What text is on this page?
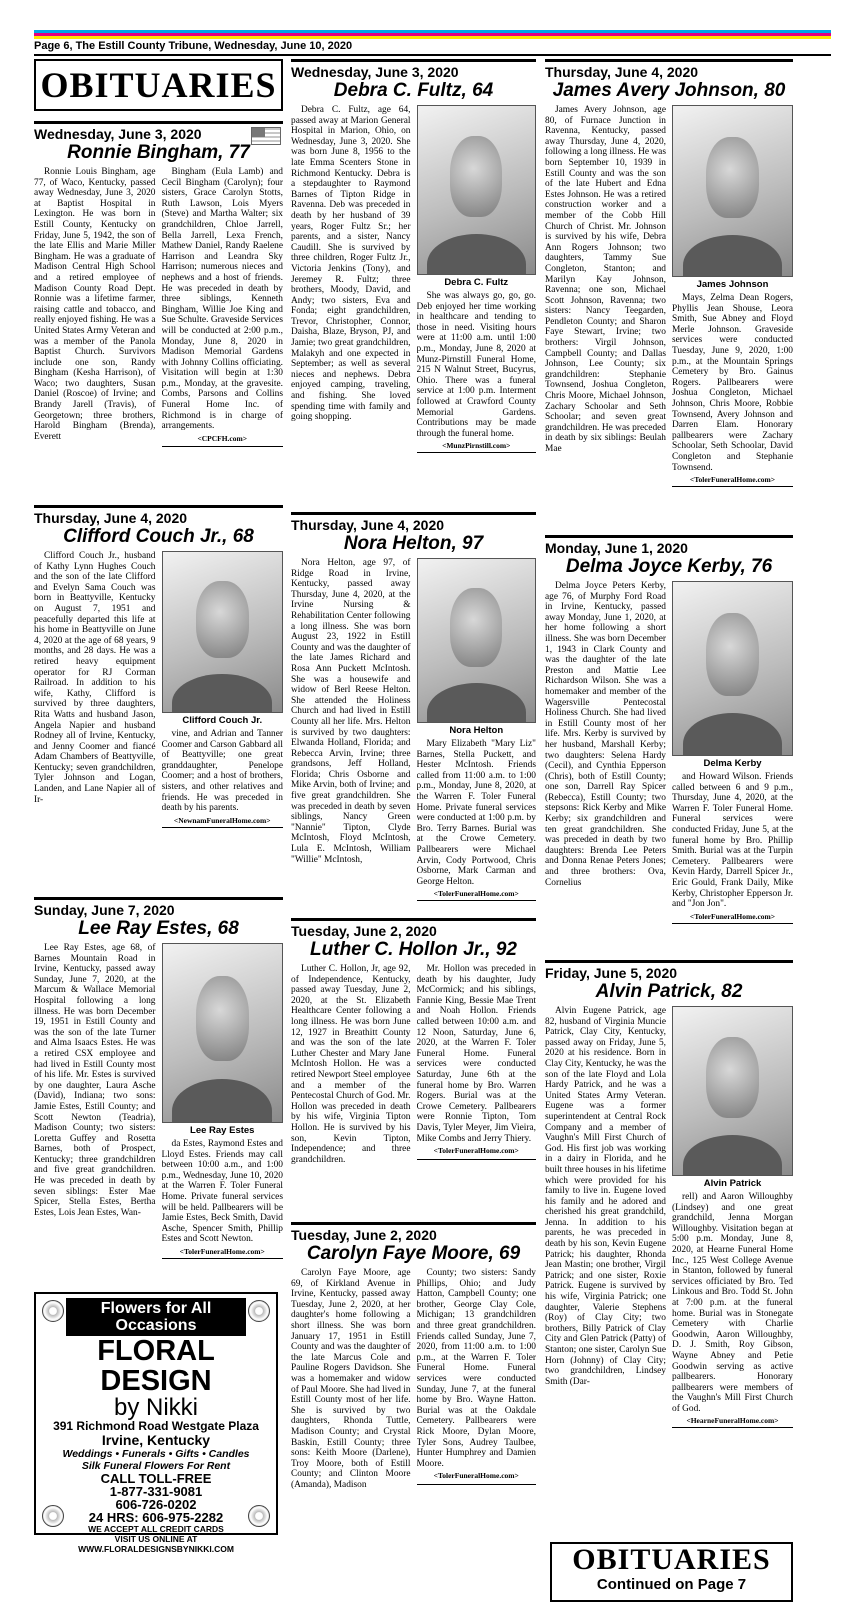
Page 6, The Estill County Tribune, Wednesday, June 10, 2020
OBITUARIES
Wednesday, June 3, 2020
Ronnie Bingham, 77

Ronnie Louis Bingham, age 77, of Waco, Kentucky, passed away Wednesday, June 3, 2020 at Baptist Hospital in Lexington. He was born in Estill County, Kentucky on Friday, June 5, 1942, the son of the late Ellis and Marie Miller Bingham. He was a graduate of Madison Central High School and a retired employee of Madison County Road Dept. Ronnie was a lifetime farmer, raising cattle and tobacco, and really enjoyed fishing. He was a United States Army Veteran and was a member of the Panola Baptist Church. Survivors include one son, Randy Bingham (Kesha Harrison), of Waco; two daughters, Susan Daniel (Roscoe) of Irvine; and Brandy Jarell (Travis), of Georgetown; three brothers, Harold Bingham (Brenda), Everett

Bingham (Eula Lamb) and Cecil Bingham (Carolyn); four sisters, Grace Carolyn Stotts, Ruth Lawson, Lois Myers (Steve) and Martha Walter; six grandchildren, Chloe Jarrell, Bella Jarrell, Lexa French, Mathew Daniel, Randy Raelene Harrison and Leandra Sky Harrison; numerous nieces and nephews and a host of friends. He was preceded in death by three siblings, Kenneth Bingham, Willie Joe King and Sue Schulte. Graveside Services will be conducted at 2:00 p.m., Monday, June 8, 2020 in Madison Memorial Gardens with Johnny Collins officiating. Visitation will begin at 1:30 p.m., Monday, at the gravesite. Combs, Parsons and Collins Funeral Home Inc. of Richmond is in charge of arrangements.

<CPCFH.com>
Thursday, June 4, 2020
Clifford Couch Jr., 68

Clifford Couch Jr., husband of Kathy Lynn Hughes Couch and the son of the late Clifford and Evelyn Sama Couch was born in Beattyville, Kentucky on August 7, 1951 and peacefully departed this life at his home in Beattyville on June 4, 2020 at the age of 68 years, 9 months, and 28 days. He was a retired heavy equipment operator for RJ Corman Railroad. In addition to his wife, Kathy, Clifford is survived by three daughters, Rita Watts and husband Jason, Angela Napier and husband Rodney all of Irvine, Kentucky, and Jenny Coomer and fiancé Adam Chambers of Beattyville, Kentucky; seven grandchildren, Tyler Johnson and Logan, Landen, and Lane Napier all of Ir-

Clifford Couch Jr.

vine, and Adrian and Tanner Coomer and Carson Gabbard all of Beattyville; one great granddaughter, Penelope Coomer; and a host of brothers, sisters, and other relatives and friends. He was preceded in death by his parents.

<NewnamFuneralHome.com>
Sunday, June 7, 2020
Lee Ray Estes, 68

Lee Ray Estes, age 68, of Barnes Mountain Road in Irvine, Kentucky, passed away Sunday, June 7, 2020, at the Marcum & Wallace Memorial Hospital following a long illness. He was born December 19, 1951 in Estill County and was the son of the late Turner and Alma Isaacs Estes. He was a retired CSX employee and had lived in Estill County most of his life. Mr. Estes is survived by one daughter, Laura Asche (David), Indiana; two sons: Jamie Estes, Estill County; and Scott Newton (Teadria), Madison County; two sisters: Loretta Guffey and Rosetta Barnes, both of Prospect, Kentucky; three grandchildren and five great grandchildren. He was preceded in death by seven siblings: Ester Mae Spicer, Stella Estes, Bertha Estes, Lois Jean Estes, Wan-

Lee Ray Estes

da Estes, Raymond Estes and Lloyd Estes. Friends may call between 10:00 a.m., and 1:00 p.m., Wednesday, June 10, 2020 at the Warren F. Toler Funeral Home. Private funeral services will be held. Pallbearers will be Jamie Estes, Beck Smith, David Asche, Spencer Smith, Phillip Estes and Scott Newton.

<TolerFuneralHome.com>
Flowers for All Occasions
FLORAL DESIGN
by Nikki
391 Richmond Road Westgate Plaza
Irvine, Kentucky
Weddings • Funerals • Gifts • Candles
Silk Funeral Flowers For Rent
CALL TOLL-FREE
1-877-331-9081
606-726-0202
24 HRS: 606-975-2282
WE ACCEPT ALL CREDIT CARDS
VISIT US ONLINE AT
WWW.FLORALDESIGNSBYNIKKI.COM
Wednesday, June 3, 2020
Debra C. Fultz, 64

Debra C. Fultz, age 64, passed away at Marion General Hospital in Marion, Ohio, on Wednesday, June 3, 2020. She was born June 8, 1956 to the late Emma Scenters Stone in Richmond Kentucky. Debra is a stepdaughter to Raymond Barnes of Tipton Ridge in Ravenna. Deb was preceded in death by her husband of 39 years, Roger Fultz Sr.; her parents, and a sister, Nancy Caudill. She is survived by three children, Roger Fultz Jr., Victoria Jenkins (Tony), and Jeremey R. Fultz; three brothers, Moody, David, and Andy; two sisters, Eva and Fonda; eight grandchildren, Trevor, Christopher, Connor, Daisha, Blaze, Bryson, PJ, and Jamie; two great grandchildren, Malakyh and one expected in September; as well as several nieces and nephews. Debra enjoyed camping, traveling, and fishing. She loved spending time with family and going shopping.

Debra C. Fultz

She was always go, go, go. Deb enjoyed her time working in healthcare and tending to those in need. Visiting hours were at 11:00 a.m. until 1:00 p.m., Monday, June 8, 2020 at Munz-Pirnstill Funeral Home, 215 N Walnut Street, Bucyrus, Ohio. There was a funeral service at 1:00 p.m. Interment followed at Crawford County Memorial Gardens. Contributions may be made through the funeral home.

<MunzPirnstill.com>
Thursday, June 4, 2020
Nora Helton, 97

Nora Helton, age 97, of Ridge Road in Irvine, Kentucky, passed away Thursday, June 4, 2020, at the Irvine Nursing & Rehabilitation Center following a long illness. She was born August 23, 1922 in Estill County and was the daughter of the late James Richard and Rosa Ann Puckett McIntosh. She was a housewife and widow of Berl Reese Helton. She attended the Holiness Church and had lived in Estill County all her life. Mrs. Helton is survived by two daughters: Elwanda Holland, Florida; and Rebecca Arvin, Irvine; three grandsons, Jeff Holland, Florida; Chris Osborne and Mike Arvin, both of Irvine; and five great grandchildren. She was preceded in death by seven siblings, Nancy Green "Nannie" Tipton, Clyde McIntosh, Floyd McIntosh, Lula E. McIntosh, William "Willie" McIntosh,

Nora Helton

Mary Elizabeth "Mary Liz" Barnes, Stella Puckett, and Hester McIntosh. Friends called from 11:00 a.m. to 1:00 p.m., Monday, June 8, 2020, at the Warren F. Toler Funeral Home. Private funeral services were conducted at 1:00 p.m. by Bro. Terry Barnes. Burial was at the Crowe Cemetery. Pallbearers were Michael Arvin, Cody Portwood, Chris Osborne, Mark Carman and George Helton.

<TolerFuneralHome.com>
Tuesday, June 2, 2020
Luther C. Hollon Jr., 92

Luther C. Hollon, Jr, age 92, of Independence, Kentucky, passed away Tuesday, June 2, 2020, at the St. Elizabeth Healthcare Center following a long illness. He was born June 12, 1927 in Breathitt County and was the son of the late Luther Chester and Mary Jane McIntosh Hollon. He was a retired Newport Steel employee and a member of the Pentecostal Church of God. Mr. Hollon was preceded in death by his wife, Virginia Tipton Hollon. He is survived by his son, Kevin Tipton, Independence; and three grandchildren.

Mr. Hollon was preceded in death by his daughter, Judy McCormick; and his siblings, Fannie King, Bessie Mae Trent and Noah Hollon. Friends called between 10:00 a.m. and 12 Noon, Saturday, June 6, 2020, at the Warren F. Toler Funeral Home. Funeral services were conducted Saturday, June 6th at the funeral home by Bro. Warren Rogers. Burial was at the Crowe Cemetery. Pallbearers were Ronnie Tipton, Tom Davis, Tyler Meyer, Jim Vieira, Mike Combs and Jerry Thiery.

<TolerFuneralHome.com>
Tuesday, June 2, 2020
Carolyn Faye Moore, 69

Carolyn Faye Moore, age 69, of Kirkland Avenue in Irvine, Kentucky, passed away Tuesday, June 2, 2020, at her daughter's home following a short illness. She was born January 17, 1951 in Estill County and was the daughter of the late Marcus Cole and Pauline Rogers Davidson. She was a homemaker and widow of Paul Moore. She had lived in Estill County most of her life. She is survived by two daughters, Rhonda Tuttle, Madison County; and Crystal Baskin, Estill County; three sons: Keith Moore (Darlene), Troy Moore, both of Estill County; and Clinton Moore (Amanda), Madison

County; two sisters: Sandy Phillips, Ohio; and Judy Hatton, Campbell County; one brother, George Clay Cole, Michigan; 13 grandchildren and three great grandchildren. Friends called Sunday, June 7, 2020, from 11:00 a.m. to 1:00 p.m., at the Warren F. Toler Funeral Home. Funeral services were conducted Sunday, June 7, at the funeral home by Bro. Wayne Hatton. Burial was at the Oakdale Cemetery. Pallbearers were Rick Moore, Dylan Moore, Tyler Sons, Audrey Taulbee, Hunter Humphrey and Damien Moore.

<TolerFuneralHome.com>
Thursday, June 4, 2020
James Avery Johnson, 80

James Avery Johnson, age 80, of Furnace Junction in Ravenna, Kentucky, passed away Thursday, June 4, 2020, following a long illness. He was born September 10, 1939 in Estill County and was the son of the late Hubert and Edna Estes Johnson. He was a retired construction worker and a member of the Cobb Hill Church of Christ. Mr. Johnson is survived by his wife, Debra Ann Rogers Johnson; two daughters, Tammy Sue Congleton, Stanton; and Marilyn Kay Johnson, Ravenna; one son, Michael Scott Johnson, Ravenna; two sisters: Nancy Teegarden, Pendleton County; and Sharon Faye Stewart, Irvine; two brothers: Virgil Johnson, Campbell County; and Dallas Johnson, Lee County; six grandchildren: Stephanie Townsend, Joshua Congleton, Chris Moore, Michael Johnson, Zachary Schoolar and Seth Schoolar; and seven great grandchildren. He was preceded in death by six siblings: Beulah Mae

James Johnson

Mays, Zelma Dean Rogers, Phyllis Jean Shouse, Leora Smith, Sue Abney and Floyd Merle Johnson. Graveside services were conducted Tuesday, June 9, 2020, 1:00 p.m., at the Mountain Springs Cemetery by Bro. Gainus Rogers. Pallbearers were Joshua Congleton, Michael Johnson, Chris Moore, Robbie Townsend, Avery Johnson and Darren Elam. Honorary pallbearers were Zachary Schoolar, Seth Schoolar, David Congleton and Stephanie Townsend.

<TolerFuneralHome.com>
Monday, June 1, 2020
Delma Joyce Kerby, 76

Delma Joyce Peters Kerby, age 76, of Murphy Ford Road in Irvine, Kentucky, passed away Monday, June 1, 2020, at her home following a short illness. She was born December 1, 1943 in Clark County and was the daughter of the late Preston and Mattie Lee Richardson Wilson. She was a homemaker and member of the Wagersville Pentecostal Holiness Church. She had lived in Estill County most of her life. Mrs. Kerby is survived by her husband, Marshall Kerby; two daughters: Selena Hardy (Cecil), and Cynthia Epperson (Chris), both of Estill County; one son, Darrell Ray Spicer (Rebecca), Estill County; two stepsons: Rick Kerby and Mike Kerby; six grandchildren and ten great grandchildren. She was preceded in death by two daughters: Brenda Lee Peters and Donna Renae Peters Jones; and three brothers: Ova, Cornelius

Delma Kerby

and Howard Wilson. Friends called between 6 and 9 p.m., Thursday, June 4, 2020, at the Warren F. Toler Funeral Home. Funeral services were conducted Friday, June 5, at the funeral home by Bro. Phillip Smith. Burial was at the Turpin Cemetery. Pallbearers were Kevin Hardy, Darrell Spicer Jr., Eric Gould, Frank Daily, Mike Kerby, Christopher Epperson Jr. and "Jon Jon".

<TolerFuneralHome.com>
Friday, June 5, 2020
Alvin Patrick, 82

Alvin Eugene Patrick, age 82, husband of Virginia Muncie Patrick, Clay City, Kentucky, passed away on Friday, June 5, 2020 at his residence. Born in Clay City, Kentucky, he was the son of the late Floyd and Lola Hardy Patrick, and he was a United States Army Veteran. Eugene was a former superintendent at Central Rock Company and a member of Vaughn's Mill First Church of God. His first job was working in a dairy in Florida, and he built three houses in his lifetime which were provided for his family to live in. Eugene loved his family and he adored and cherished his great grandchild, Jenna. In addition to his parents, he was preceded in death by his son, Kevin Eugene Patrick; his daughter, Rhonda Jean Mastin; one brother, Virgil Patrick; and one sister, Roxie Patrick. Eugene is survived by his wife, Virginia Patrick; one daughter, Valerie Stephens (Roy) of Clay City; two brothers, Billy Patrick of Clay City and Glen Patrick (Patty) of Stanton; one sister, Carolyn Sue Horn (Johnny) of Clay City; two grandchildren, Lindsey Smith (Dar-

Alvin Patrick

rell) and Aaron Willoughby (Lindsey) and one great grandchild, Jenna Morgan Willoughby. Visitation began at 5:00 p.m. Monday, June 8, 2020, at Hearne Funeral Home Inc., 125 West College Avenue in Stanton, followed by funeral services officiated by Bro. Ted Linkous and Bro. Todd St. John at 7:00 p.m. at the funeral home. Burial was in Stonegate Cemetery with Charlie Goodwin, Aaron Willoughby, D. J. Smith, Roy Gibson, Wayne Abney and Petie Goodwin serving as active pallbearers. Honorary pallbearers were members of the Vaughn's Mill First Church of God.

<HearneFuneralHome.com>
OBITUARIES
Continued on Page 7
